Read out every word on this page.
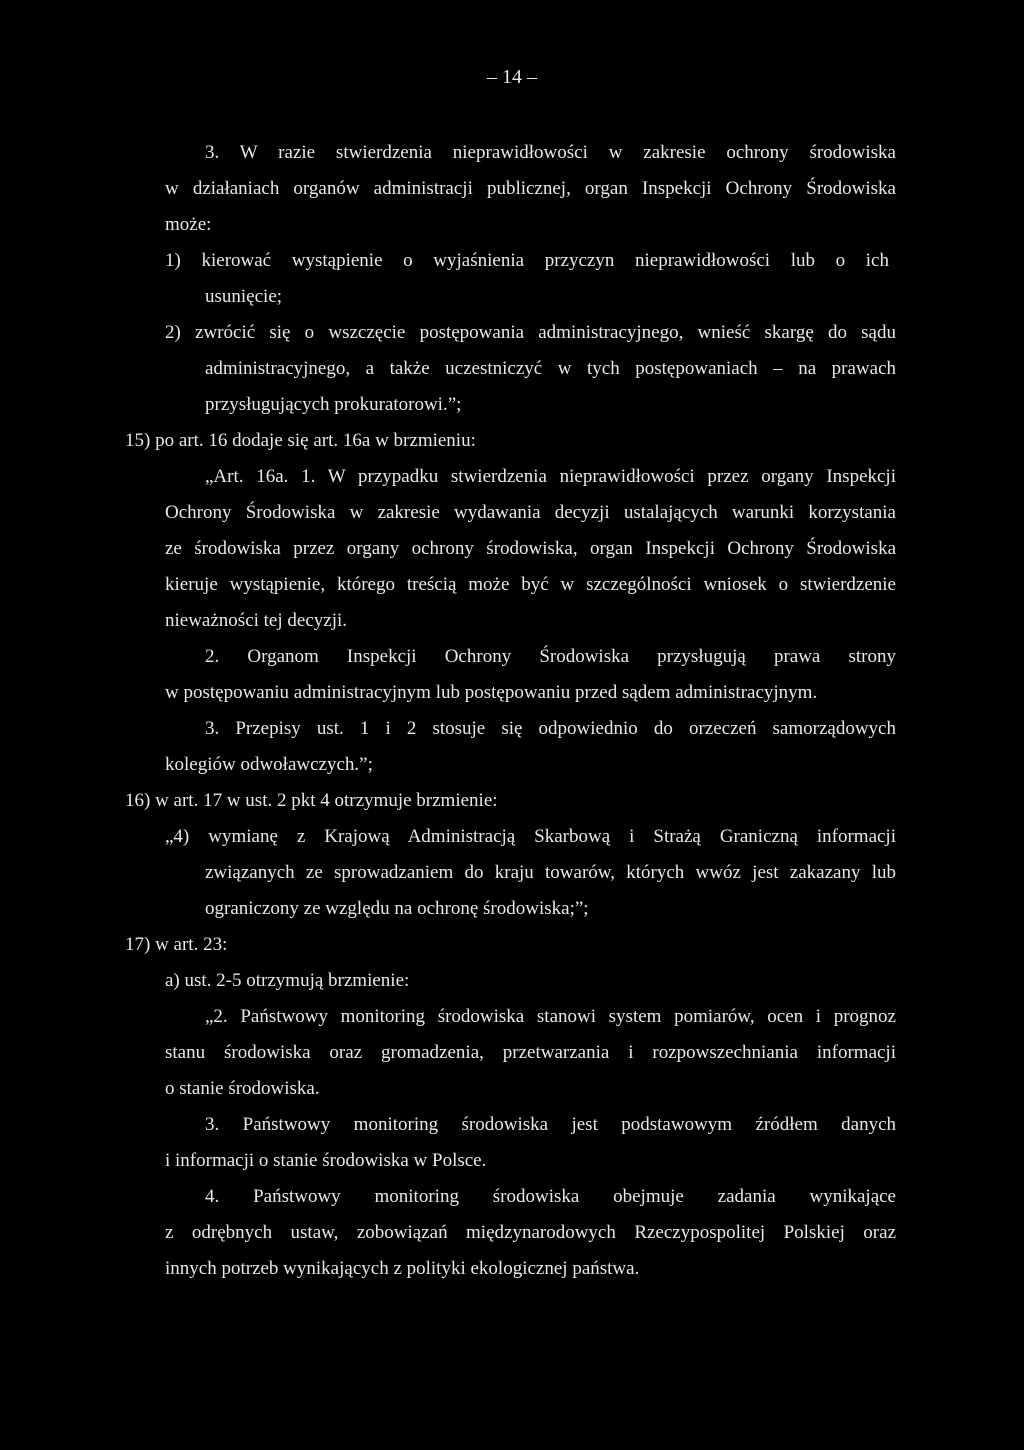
– 14 –
3. W razie stwierdzenia nieprawidłowości w zakresie ochrony środowiska
w działaniach organów administracji publicznej, organ Inspekcji Ochrony Środowiska
może:
1) kierować wystąpienie o wyjaśnienia przyczyn nieprawidłowości lub o ich
usunięcie;
2) zwrócić się o wszczęcie postępowania administracyjnego, wnieść skargę do sądu
administracyjnego, a także uczestniczyć w tych postępowaniach – na prawach
przysługujących prokuratorowi.”;
15) po art. 16 dodaje się art. 16a w brzmieniu:
„Art. 16a. 1. W przypadku stwierdzenia nieprawidłowości przez organy Inspekcji
Ochrony Środowiska w zakresie wydawania decyzji ustalających warunki korzystania
ze środowiska przez organy ochrony środowiska, organ Inspekcji Ochrony Środowiska
kieruje wystąpienie, którego treścią może być w szczególności wniosek o stwierdzenie
nieważności tej decyzji.
2. Organom Inspekcji Ochrony Środowiska przysługują prawa strony
w postępowaniu administracyjnym lub postępowaniu przed sądem administracyjnym.
3. Przepisy ust. 1 i 2 stosuje się odpowiednio do orzeczeń samorządowych
kolegiów odwoławczych.”;
16) w art. 17 w ust. 2 pkt 4 otrzymuje brzmienie:
„4) wymianę z Krajową Administracją Skarbową i Strażą Graniczną informacji
związanych ze sprowadzaniem do kraju towarów, których wwóz jest zakazany lub
ograniczony ze względu na ochronę środowiska;”;
17) w art. 23:
a) ust. 2-5 otrzymują brzmienie:
„2. Państwowy monitoring środowiska stanowi system pomiarów, ocen i prognoz
stanu środowiska oraz gromadzenia, przetwarzania i rozpowszechniania informacji
o stanie środowiska.
3. Państwowy monitoring środowiska jest podstawowym źródłem danych
i informacji o stanie środowiska w Polsce.
4. Państwowy monitoring środowiska obejmuje zadania wynikające
z odrębnych ustaw, zobowiązań międzynarodowych Rzeczypospolitej Polskiej oraz
innych potrzeb wynikających z polityki ekologicznej państwa.
